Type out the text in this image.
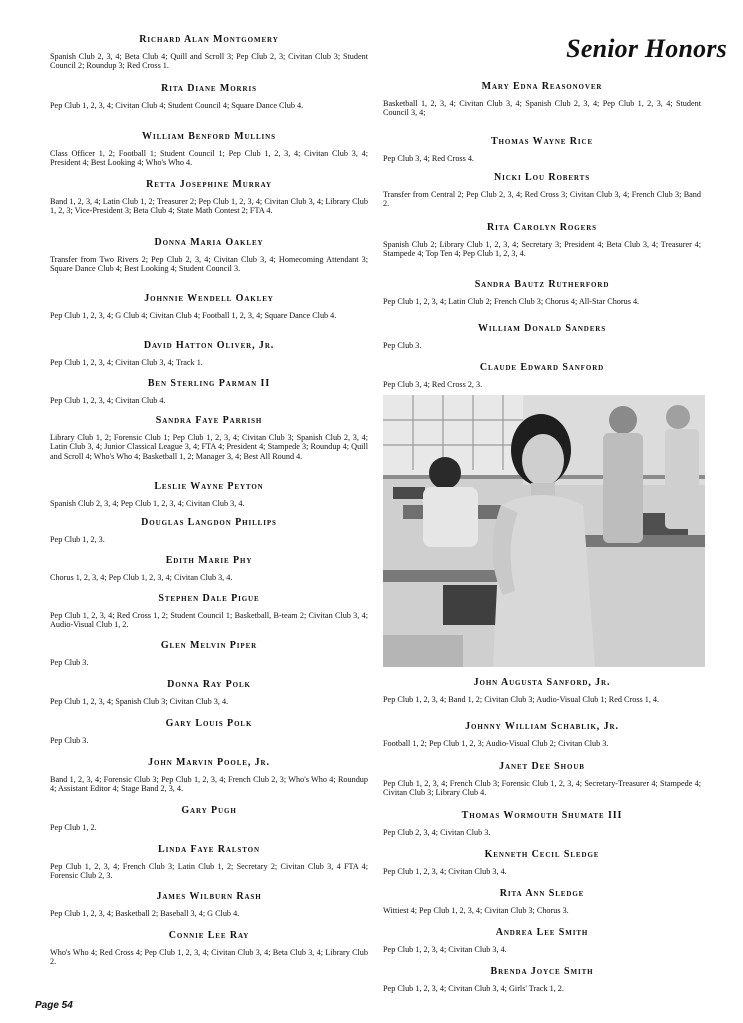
Senior Honors

Richard Alan Montgomery

Spanish Club 2, 3, 4; Beta Club 4; Quill and Scroll 3; Pep Club 2, 3; Civitan Club 3; Student Council 2; Roundup 3; Red Cross 1.

Rita Diane Morris

Pep Club 1, 2, 3, 4; Civitan Club 4; Student Council 4; Square Dance Club 4.

William Benford Mullins

Class Officer 1, 2; Football 1; Student Council 1; Pep Club 1, 2, 3, 4; Civitan Club 3, 4; President 4; Best Looking 4; Who's Who 4.

Retta Josephine Murray

Band 1, 2, 3, 4; Latin Club 1, 2; Treasurer 2; Pep Club 1, 2, 3, 4; Civitan Club 3, 4; Library Club 1, 2, 3; Vice-President 3; Beta Club 4; State Math Contest 2; FTA 4.

Donna Maria Oakley

Transfer from Two Rivers 2; Pep Club 2, 3, 4; Civitan Club 3, 4; Homecoming Attendant 3; Square Dance Club 4; Best Looking 4; Student Council 3.

Johnnie Wendell Oakley

Pep Club 1, 2, 3, 4; G Club 4; Civitan Club 4; Football 1, 2, 3, 4; Square Dance Club 4.

David Hatton Oliver, Jr.

Pep Club 1, 2, 3, 4; Civitan Club 3, 4; Track 1.

Ben Sterling Parman II

Pep Club 1, 2, 3, 4; Civitan Club 4.

Sandra Faye Parrish

Library Club 1, 2; Forensic Club 1; Pep Club 1, 2, 3, 4; Civitan Club 3; Spanish Club 2, 3, 4; Latin Club 3, 4; Junior Classical League 3, 4; FTA 4; President 4; Stampede 3; Roundup 4; Quill and Scroll 4; Who's Who 4; Basketball 1, 2; Manager 3, 4; Best All Round 4.

Leslie Wayne Peyton

Spanish Club 2, 3, 4; Pep Club 1, 2, 3, 4; Civitan Club 3, 4.

Douglas Langdon Phillips

Pep Club 1, 2, 3.

Edith Marie Phy

Chorus 1, 2, 3, 4; Pep Club 1, 2, 3, 4; Civitan Club 3, 4.

Stephen Dale Pigue

Pep Club 1, 2, 3, 4; Red Cross 1, 2; Student Council 1; Basketball, B-team 2; Civitan Club 3, 4; Audio-Visual Club 1, 2.

Glen Melvin Piper

Pep Club 3.

Donna Ray Polk

Pep Club 1, 2, 3, 4; Spanish Club 3; Civitan Club 3, 4.

Gary Louis Polk

Pep Club 3.

John Marvin Poole, Jr.

Band 1, 2, 3, 4; Forensic Club 3; Pep Club 1, 2, 3, 4; French Club 2, 3; Who's Who 4; Roundup 4; Assistant Editor 4; Stage Band 2, 3, 4.

Gary Pugh

Pep Club 1, 2.

Linda Faye Ralston

Pep Club 1, 2, 3, 4; French Club 3; Latin Club 1, 2; Secretary 2; Civitan Club 3, 4 FTA 4; Forensic Club 2, 3.

James Wilburn Rash

Pep Club 1, 2, 3, 4; Basketball 2; Baseball 3, 4; G Club 4.

Connie Lee Ray

Who's Who 4; Red Cross 4; Pep Club 1, 2, 3, 4; Civitan Club 3, 4; Beta Club 3, 4; Library Club 2.

Mary Edna Reasonover

Basketball 1, 2, 3, 4; Civitan Club 3, 4; Spanish Club 2, 3, 4; Pep Club 1, 2, 3, 4; Student Council 3, 4;

Thomas Wayne Rice

Pep Club 3, 4; Red Cross 4.

Nicki Lou Roberts

Transfer from Central 2; Pep Club 2, 3, 4; Red Cross 3; Civitan Club 3, 4; French Club 3; Band 2.

Rita Carolyn Rogers

Spanish Club 2; Library Club 1, 2, 3, 4; Secretary 3; President 4; Beta Club 3, 4; Treasurer 4; Stampede 4; Top Ten 4; Pep Club 1, 2, 3, 4.

Sandra Bautz Rutherford

Pep Club 1, 2, 3, 4; Latin Club 2; French Club 3; Chorus 4; All-Star Chorus 4.

William Donald Sanders

Pep Club 3.

Claude Edward Sanford

Pep Club 3, 4; Red Cross 2, 3.

John Augusta Sanford, Jr.

Pep Club 1, 2, 3, 4; Band 1, 2; Civitan Club 3; Audio-Visual Club 1; Red Cross 1, 4.

Johnny William Schablik, Jr.

Football 1, 2; Pep Club 1, 2, 3; Audio-Visual Club 2; Civitan Club 3.

Janet Dee Shoub

Pep Club 1, 2, 3, 4; French Club 3; Forensic Club 1, 2, 3, 4; Secretary-Treasurer 4; Stampede 4; Civitan Club 3; Library Club 4.

Thomas Wormouth Shumate III

Pep Club 2, 3, 4; Civitan Club 3.

Kenneth Cecil Sledge

Pep Club 1, 2, 3, 4; Civitan Club 3, 4.

Rita Ann Sledge

Wittiest 4; Pep Club 1, 2, 3, 4; Civitan Club 3; Chorus 3.

Andrea Lee Smith

Pep Club 1, 2, 3, 4; Civitan Club 3, 4.

Brenda Joyce Smith

Pep Club 1, 2, 3, 4; Civitan Club 3, 4; Girls' Track 1, 2.

Page 54
